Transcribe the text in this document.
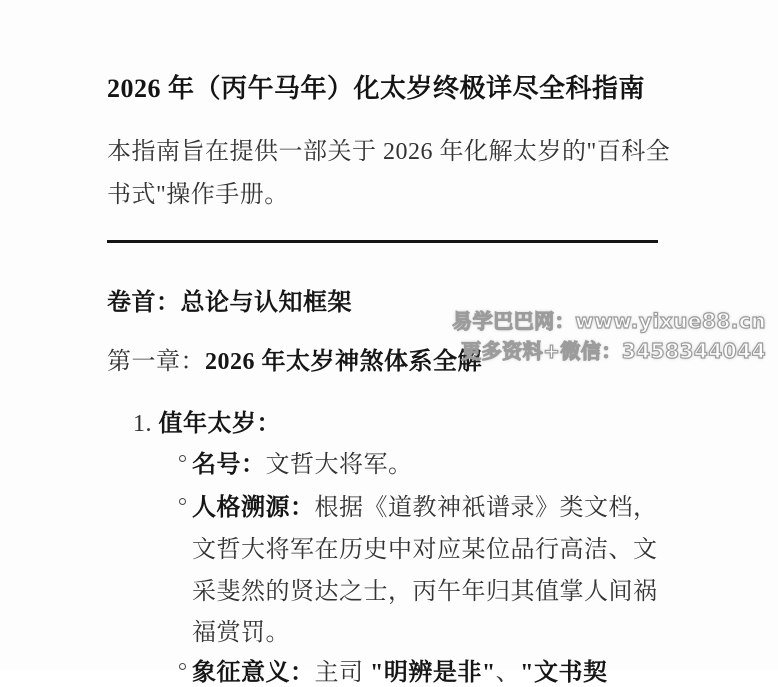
2026 年（丙午马年）化太岁终极详尽全科指南
本指南旨在提供一部关于 2026 年化解太岁的"百科全
书式"操作手册。
卷首：总论与认知框架
第一章：2026 年太岁神煞体系全解
1. 值年太岁：
名号：文哲大将军。
人格溯源：根据《道教神祇谱录》类文档，
文哲大将军在历史中对应某位品行高洁、文
采斐然的贤达之士，丙午年归其值掌人间祸
福赏罚。
象征意义：主司 "明辨是非"、"文书契
易学巴巴网：www.yixue88.cn
更多资料+微信：3458344044
